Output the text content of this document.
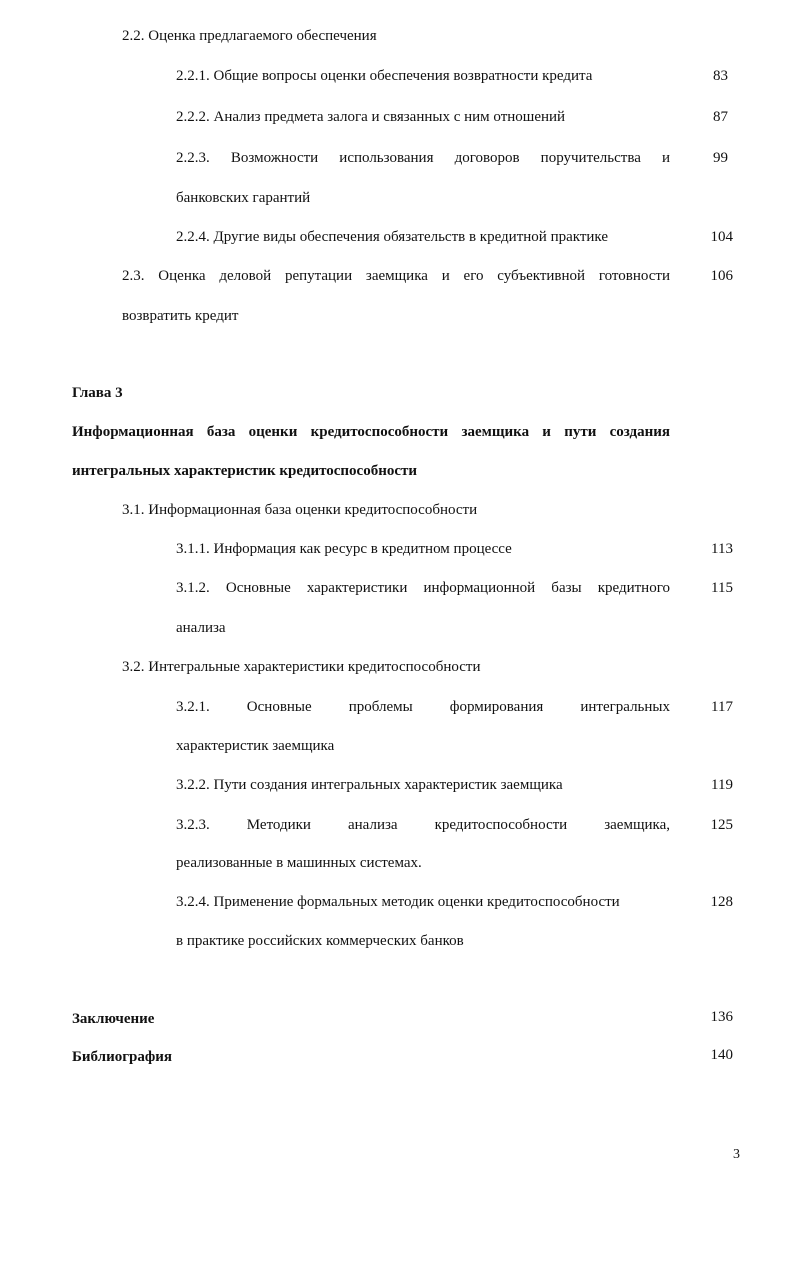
2.2. Оценка предлагаемого обеспечения
2.2.1. Общие вопросы оценки обеспечения возвратности кредита	83
2.2.2. Анализ предмета залога и связанных с ним отношений	87
2.2.3. Возможности использования договоров поручительства и	99
банковских гарантий
2.2.4. Другие виды обеспечения обязательств в кредитной практике	104
2.3. Оценка деловой репутации заемщика и его субъективной готовности	106
возвратить кредит
Глава 3
Информационная база оценки кредитоспособности заемщика и пути создания
интегральных характеристик кредитоспособности
3.1. Информационная база оценки кредитоспособности
3.1.1. Информация как ресурс в кредитном процессе	113
3.1.2. Основные характеристики информационной базы кредитного	115
анализа
3.2. Интегральные характеристики кредитоспособности
3.2.1. Основные проблемы формирования интегральных	117
характеристик заемщика
3.2.2. Пути создания интегральных характеристик заемщика	119
3.2.3. Методики анализа кредитоспособности заемщика,	125
реализованные в машинных системах.
3.2.4. Применение формальных методик оценки кредитоспособности	128
в практике российских коммерческих банков
Заключение	136
Библиография	140
3
